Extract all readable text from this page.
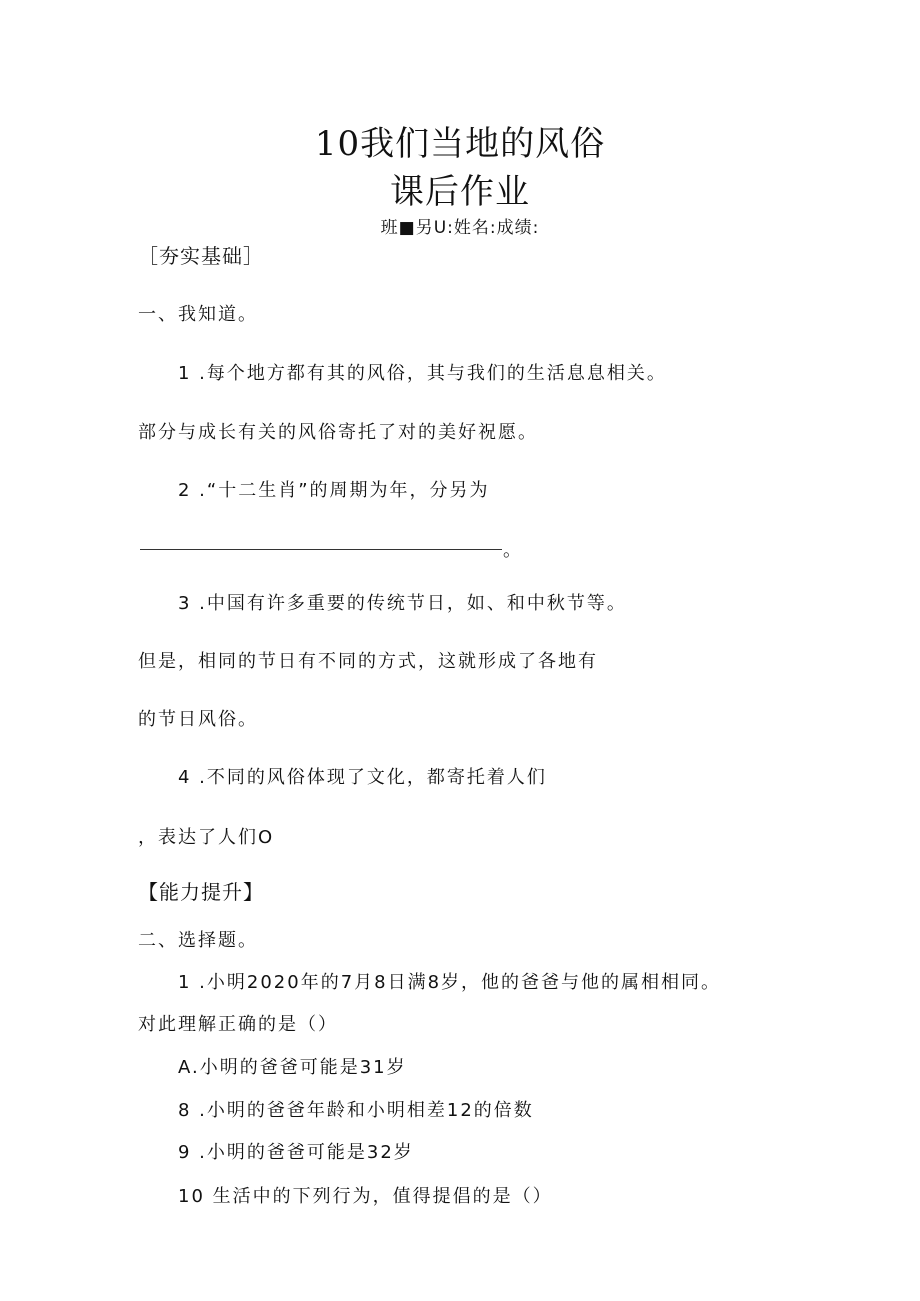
10我们当地的风俗
课后作业
班■另U:姓名:成绩:
［夯实基础］
一、我知道。
1 .每个地方都有其的风俗，其与我们的生活息息相关。
部分与成长有关的风俗寄托了对的美好祝愿。
2 .“十二生肖”的周期为年，分另为
。
3 .中国有许多重要的传统节日，如、和中秋节等。
但是，相同的节日有不同的方式，这就形成了各地有
的节日风俗。
4 .不同的风俗体现了文化，都寄托着人们
，表达了人们O
【能力提升】
二、选择题。
1 .小明2020年的7月8日满8岁，他的爸爸与他的属相相同。
对此理解正确的是（）
A.小明的爸爸可能是31岁
8 .小明的爸爸年龄和小明相差12的倍数
9 .小明的爸爸可能是32岁
10 生活中的下列行为，值得提倡的是（）
